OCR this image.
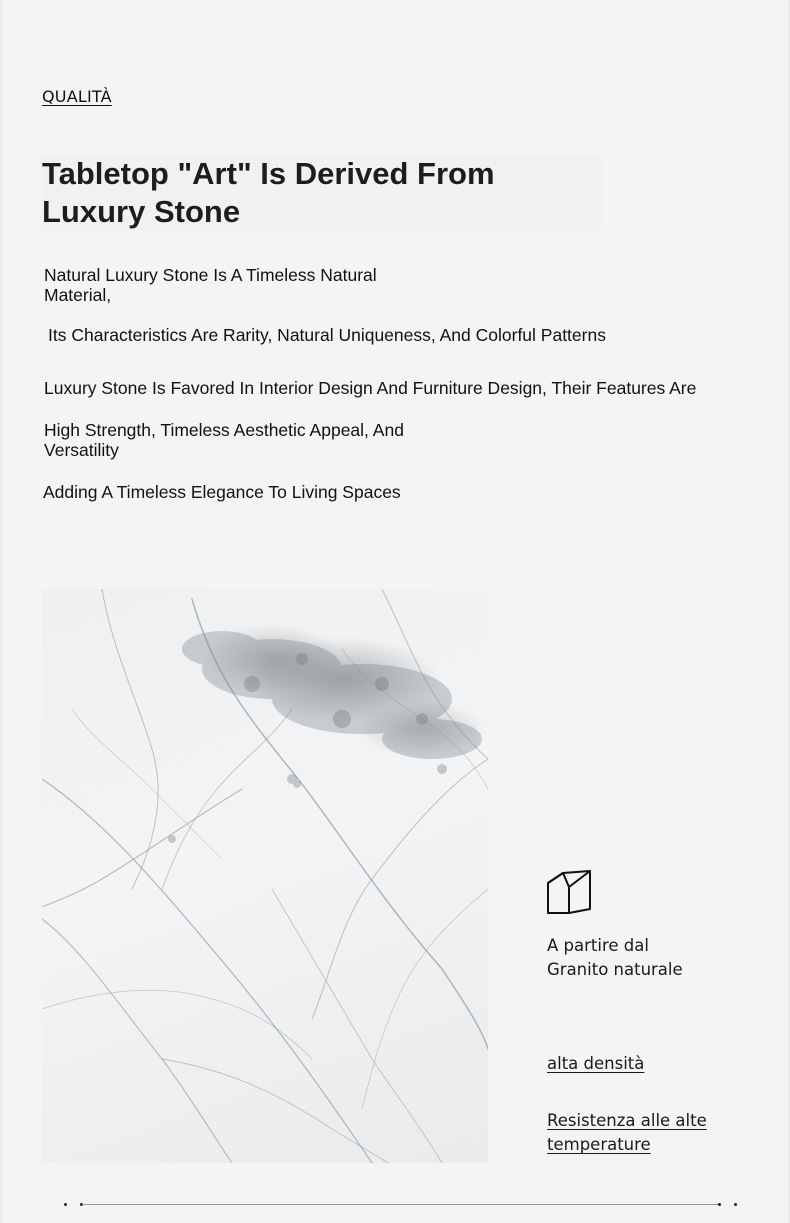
QUALITÀ
Tabletop "Art" Is Derived From
Luxury Stone

Natural Luxury Stone Is A Timeless Natural Material,

Its Characteristics Are Rarity, Natural Uniqueness, And Colorful Patterns

Luxury Stone Is Favored In Interior Design And Furniture Design, Their Features Are

High Strength, Timeless Aesthetic Appeal, And Versatility

Adding A Timeless Elegance To Living Spaces

A partire dal
Granito naturale

alta densità

Resistenza alle alte temperature
